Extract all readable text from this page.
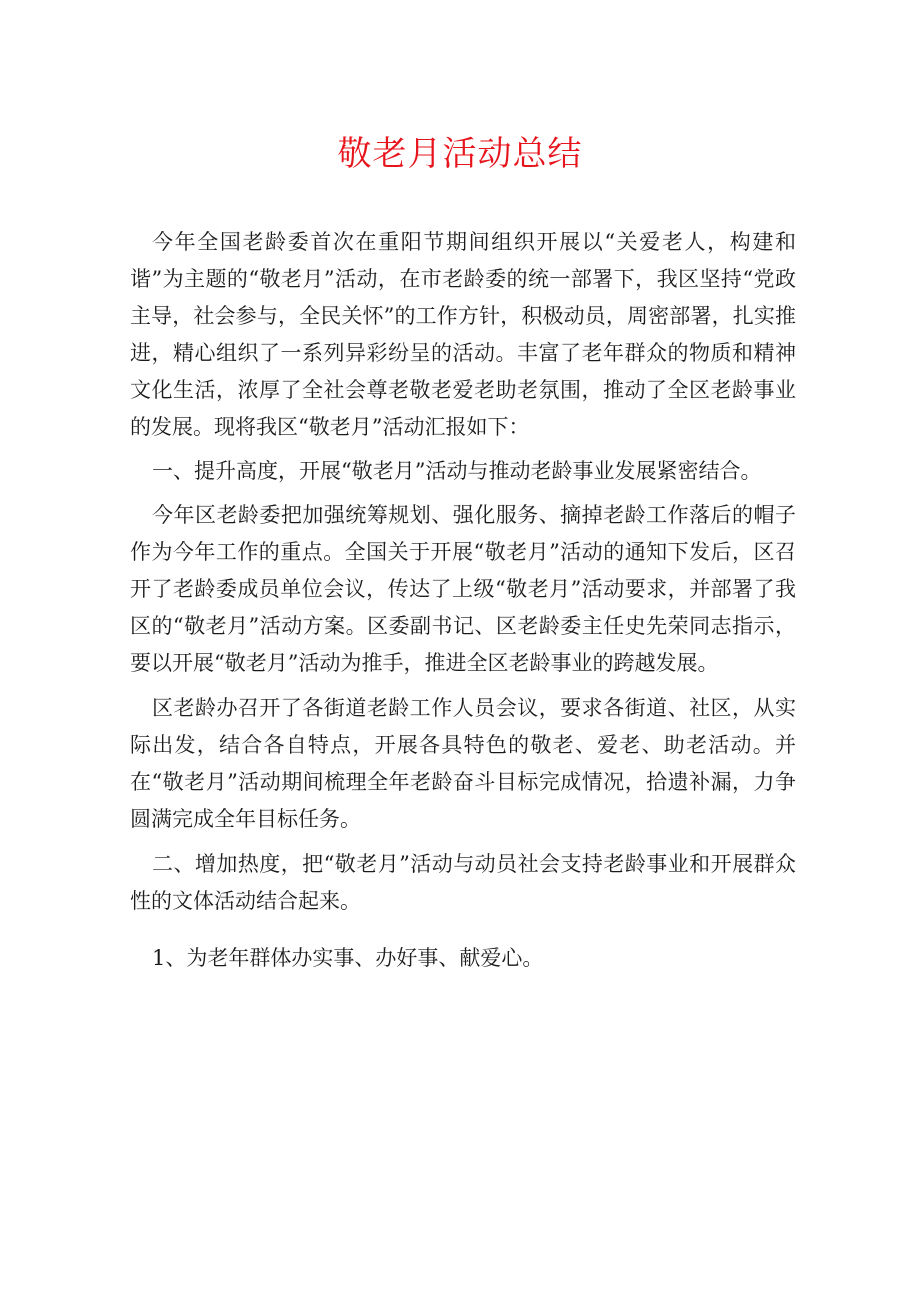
敬老月活动总结

今年全国老龄委首次在重阳节期间组织开展以“关爱老人，构建和谐”为主题的“敬老月”活动，在市老龄委的统一部署下，我区坚持“党政主导，社会参与，全民关怀”的工作方针，积极动员，周密部署，扎实推进，精心组织了一系列异彩纷呈的活动。丰富了老年群众的物质和精神文化生活，浓厚了全社会尊老敬老爱老助老氛围，推动了全区老龄事业的发展。现将我区“敬老月”活动汇报如下：

一、提升高度，开展“敬老月”活动与推动老龄事业发展紧密结合。

今年区老龄委把加强统筹规划、强化服务、摘掉老龄工作落后的帽子作为今年工作的重点。全国关于开展“敬老月”活动的通知下发后，区召开了老龄委成员单位会议，传达了上级“敬老月”活动要求，并部署了我区的“敬老月”活动方案。区委副书记、区老龄委主任史先荣同志指示，要以开展“敬老月”活动为推手，推进全区老龄事业的跨越发展。

区老龄办召开了各街道老龄工作人员会议，要求各街道、社区，从实际出发，结合各自特点，开展各具特色的敬老、爱老、助老活动。并在“敬老月”活动期间梳理全年老龄奋斗目标完成情况，拾遗补漏，力争圆满完成全年目标任务。

二、增加热度，把“敬老月”活动与动员社会支持老龄事业和开展群众性的文体活动结合起来。

1、为老年群体办实事、办好事、献爱心。
